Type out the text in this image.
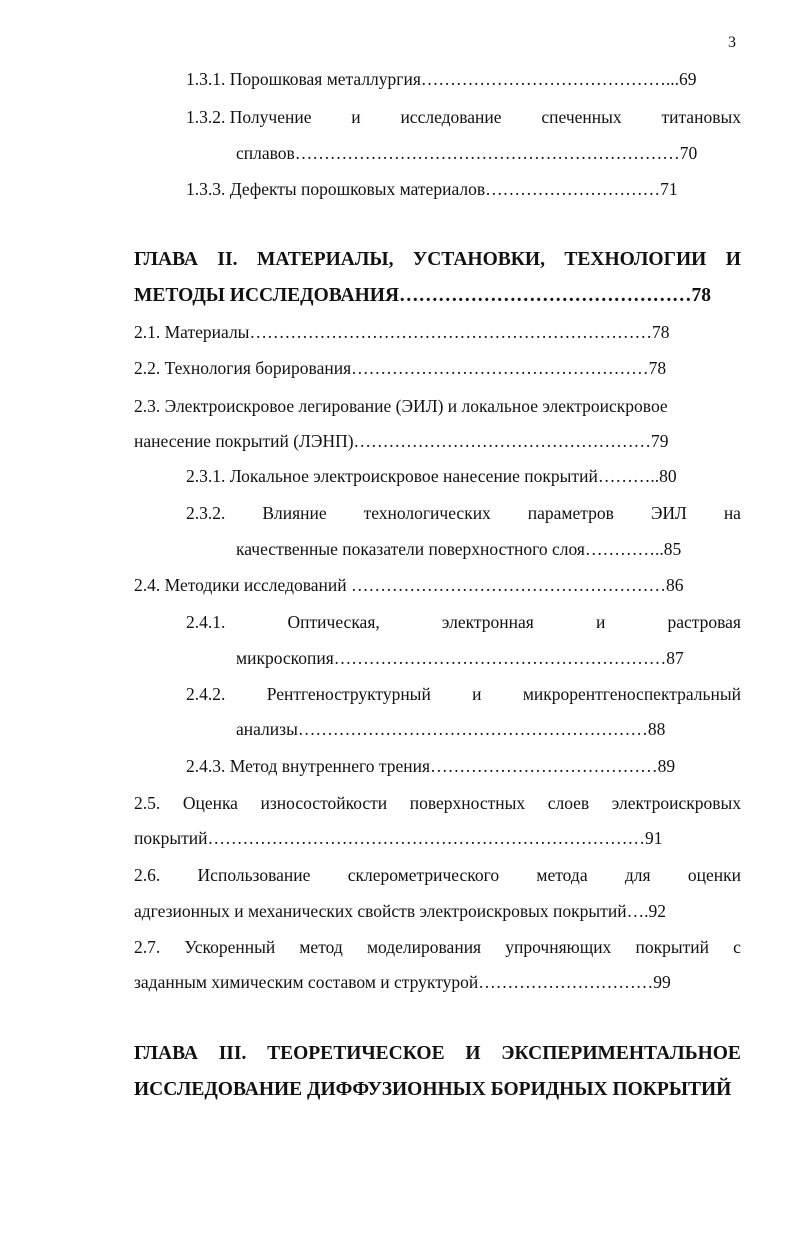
3
1.3.1. Порошковая металлургия……………………………………...69
1.3.2. Получение и исследование спеченных титановых
сплавов…………………………………………………………70
1.3.3. Дефекты порошковых материалов…………………………71
ГЛАВА II. МАТЕРИАЛЫ, УСТАНОВКИ, ТЕХНОЛОГИИ И
МЕТОДЫ ИССЛЕДОВАНИЯ………………………………………78
2.1. Материалы……………………………………………………………78
2.2. Технология борирования……………………………………………78
2.3. Электроискровое легирование (ЭИЛ) и локальное электроискровое
нанесение покрытий (ЛЭНП)……………………………………………79
2.3.1. Локальное электроискровое нанесение покрытий………..80
2.3.2. Влияние технологических параметров ЭИЛ на
качественные показатели поверхностного слоя…………..85
2.4. Методики исследований ………………………………………………86
2.4.1.	Оптическая,	электронная	и	растровая
микроскопия…………………………………………………87
2.4.2. Рентгеноструктурный и микрорентгеноспектральный
анализы……………………………………………………88
2.4.3. Метод внутреннего трения…………………………………89
2.5. Оценка износостойкости поверхностных слоев электроискровых
покрытий…………………………………………………………………91
2.6. Использование склерометрического метода для оценки
адгезионных и механических свойств электроискровых покрытий….92
2.7. Ускоренный метод моделирования упрочняющих покрытий с
заданным химическим составом и структурой…………………………99
ГЛАВА III. ТЕОРЕТИЧЕСКОЕ И ЭКСПЕРИМЕНТАЛЬНОЕ
ИССЛЕДОВАНИЕ ДИФФУЗИОННЫХ БОРИДНЫХ ПОКРЫТИЙ
